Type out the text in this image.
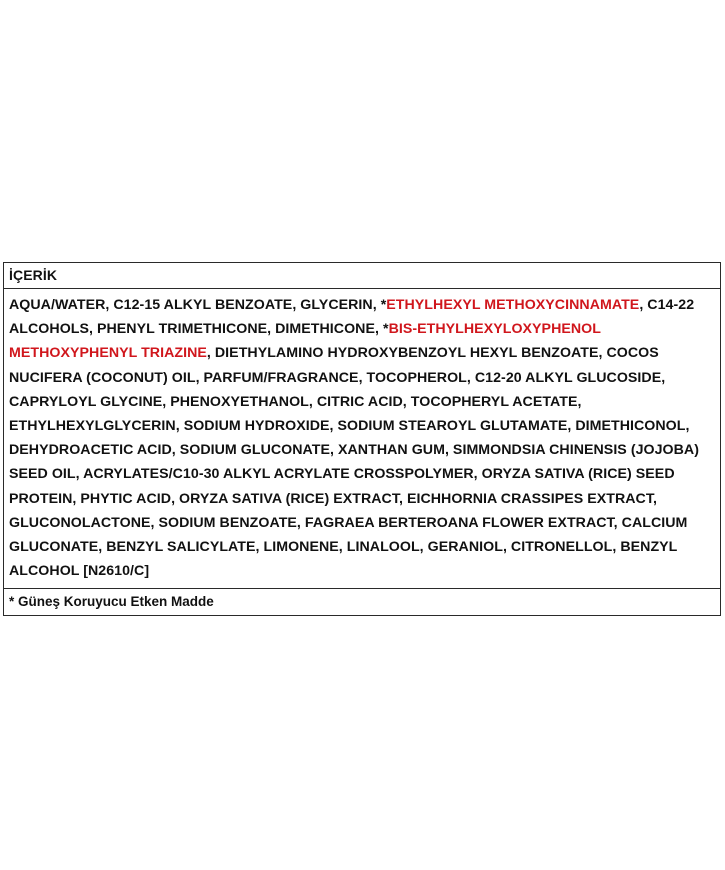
İÇERİK
AQUA/WATER, C12-15 ALKYL BENZOATE, GLYCERIN, *ETHYLHEXYL METHOXYCINNAMATE, C14-22 ALCOHOLS, PHENYL TRIMETHICONE, DIMETHICONE, *BIS-ETHYLHEXYLOXYPHENOL METHOXYPHENYL TRIAZINE, DIETHYLAMINO HYDROXYBENZOYL HEXYL BENZOATE, COCOS NUCIFERA (COCONUT) OIL, PARFUM/FRAGRANCE, TOCOPHEROL, C12-20 ALKYL GLUCOSIDE, CAPRYLOYL GLYCINE, PHENOXYETHANOL, CITRIC ACID, TOCOPHERYL ACETATE, ETHYLHEXYLGLYCERIN, SODIUM HYDROXIDE, SODIUM STEAROYL GLUTAMATE, DIMETHICONOL, DEHYDROACETIC ACID, SODIUM GLUCONATE, XANTHAN GUM, SIMMONDSIA CHINENSIS (JOJOBA) SEED OIL, ACRYLATES/C10-30 ALKYL ACRYLATE CROSSPOLYMER, ORYZA SATIVA (RICE) SEED PROTEIN, PHYTIC ACID, ORYZA SATIVA (RICE) EXTRACT, EICHHORNIA CRASSIPES EXTRACT, GLUCONOLACTONE, SODIUM BENZOATE, FAGRAEA BERTEROANA FLOWER EXTRACT, CALCIUM GLUCONATE, BENZYL SALICYLATE, LIMONENE, LINALOOL, GERANIOL, CITRONELLOL, BENZYL ALCOHOL [N2610/C]
* Güneş Koruyucu Etken Madde
